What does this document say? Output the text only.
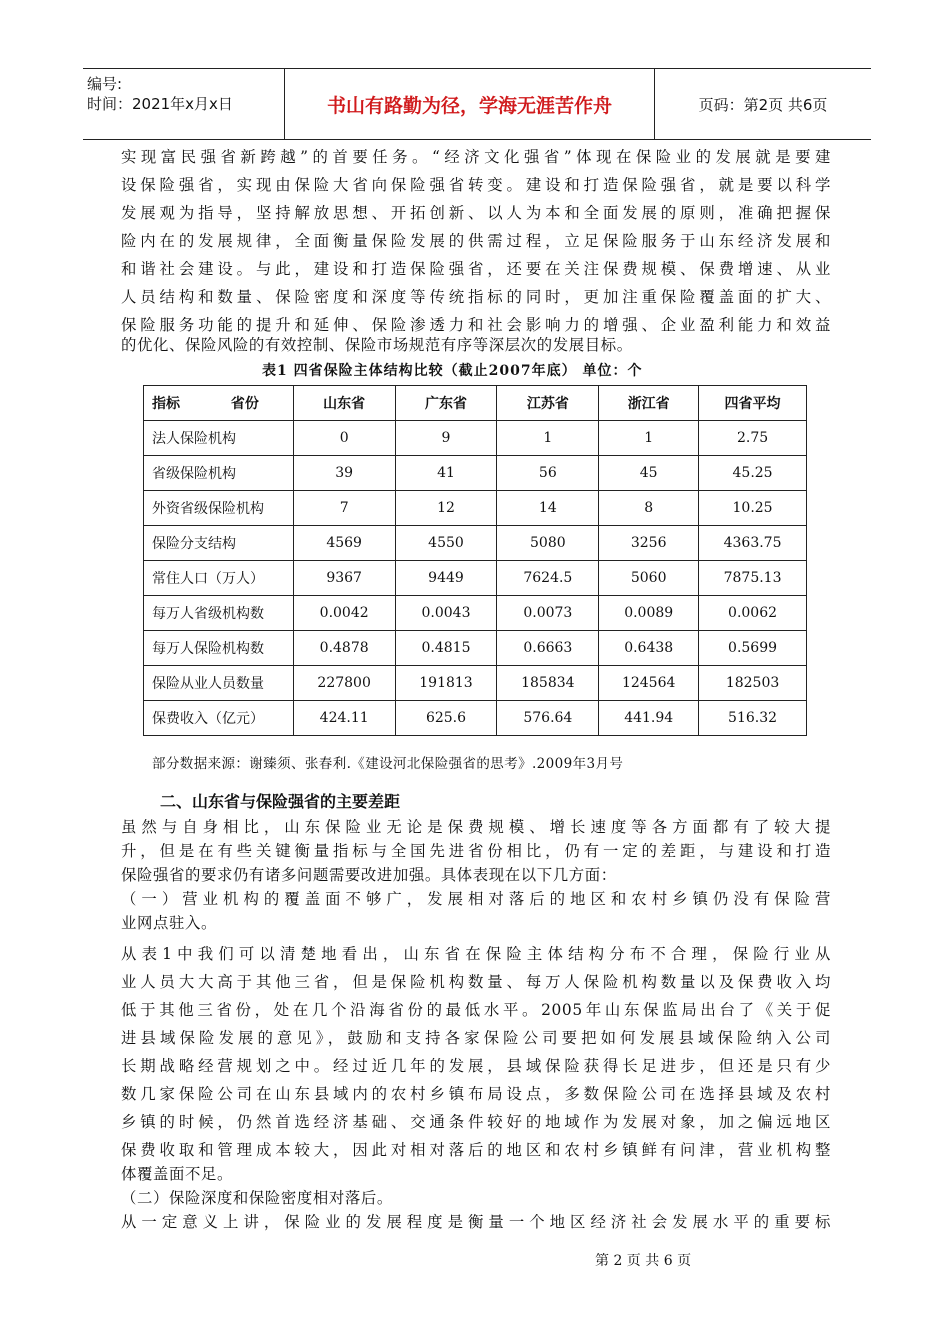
编号:
时间：2021年x月x日	书山有路勤为径，学海无涯苦作舟	页码：第2页 共6页
实现富民强省新跨越”的首要任务。“经济文化强省”体现在保险业的发展就是要建
设保险强省，实现由保险大省向保险强省转变。建设和打造保险强省，就是要以科学
发展观为指导，坚持解放思想、开拓创新、以人为本和全面发展的原则，准确把握保
险内在的发展规律，全面衡量保险发展的供需过程，立足保险服务于山东经济发展和
和谐社会建设。与此，建设和打造保险强省，还要在关注保费规模、保费增速、从业
人员结构和数量、保险密度和深度等传统指标的同时，更加注重保险覆盖面的扩大、
保险服务功能的提升和延伸、保险渗透力和社会影响力的增强、企业盈利能力和效益
的优化、保险风险的有效控制、保险市场规范有序等深层次的发展目标。
表1 四省保险主体结构比较（截止2007年底） 单位：个
指标 省份	山东省	广东省	江苏省	浙江省	四省平均
法人保险机构	0	9	1	1	2.75
省级保险机构	39	41	56	45	45.25
外资省级保险机构	7	12	14	8	10.25
保险分支结构	4569	4550	5080	3256	4363.75
常住人口（万人）	9367	9449	7624.5	5060	7875.13
每万人省级机构数	0.0042	0.0043	0.0073	0.0089	0.0062
每万人保险机构数	0.4878	0.4815	0.6663	0.6438	0.5699
保险从业人员数量	227800	191813	185834	124564	182503
保费收入（亿元）	424.11	625.6	576.64	441.94	516.32
部分数据来源：谢臻须、张春利.《建设河北保险强省的思考》.2009年3月号
二、山东省与保险强省的主要差距
虽然与自身相比，山东保险业无论是保费规模、增长速度等各方面都有了较大提
升，但是在有些关键衡量指标与全国先进省份相比，仍有一定的差距，与建设和打造
保险强省的要求仍有诸多问题需要改进加强。具体表现在以下几方面：
（一）营业机构的覆盖面不够广，发展相对落后的地区和农村乡镇仍没有保险营
业网点驻入。
从表1中我们可以清楚地看出，山东省在保险主体结构分布不合理，保险行业从
业人员大大高于其他三省，但是保险机构数量、每万人保险机构数量以及保费收入均
低于其他三省份，处在几个沿海省份的最低水平。2005年山东保监局出台了《关于促
进县域保险发展的意见》，鼓励和支持各家保险公司要把如何发展县域保险纳入公司
长期战略经营规划之中。经过近几年的发展，县域保险获得长足进步，但还是只有少
数几家保险公司在山东县域内的农村乡镇布局设点，多数保险公司在选择县域及农村
乡镇的时候，仍然首选经济基础、交通条件较好的地域作为发展对象，加之偏远地区
保费收取和管理成本较大，因此对相对落后的地区和农村乡镇鲜有问津，营业机构整
体覆盖面不足。
（二）保险深度和保险密度相对落后。
从一定意义上讲，保险业的发展程度是衡量一个地区经济社会发展水平的重要标
第 2 页 共 6 页
